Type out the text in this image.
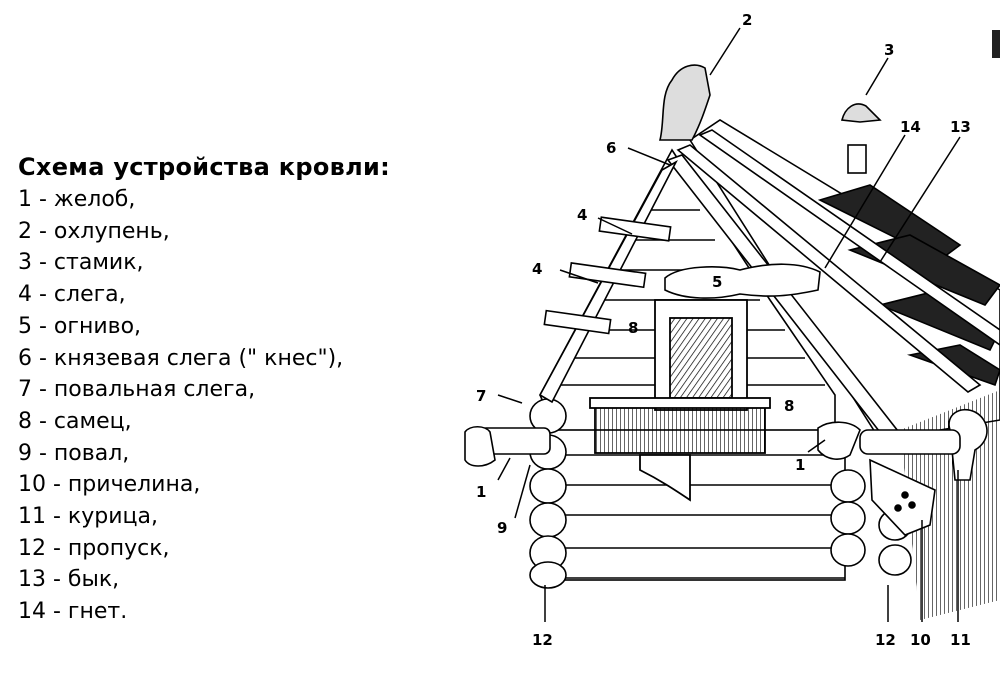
Схема устройства кровли:
1 - желоб,
2 - охлупень,
3 - стамик,
4 - слега,
5 - огниво,
6 - князевая слега (" кнес"),
7 - повальная слега,
8 - самец,
9 - повал,
10 - причелина,
11 - курица,
12 - пропуск,
13 - бык,
14 - гнет.
2
3
6
4
4
5
8
8
7
1
9
1
14 13
12	12 10 11
